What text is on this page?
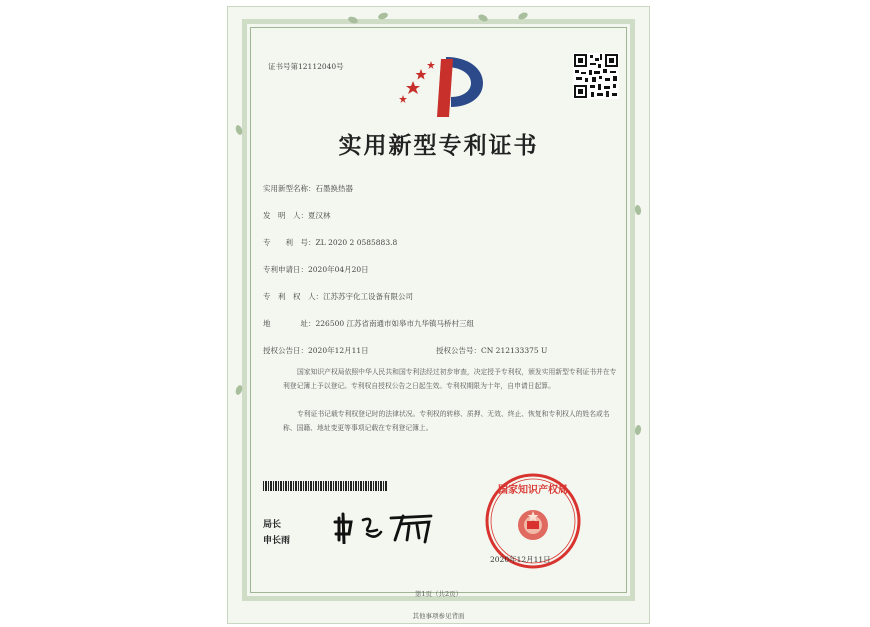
证书号第12112040号
实用新型专利证书
实用新型名称：石墨换热器
发　明　人：夏汉林
专　　利　号：ZL 2020 2 0585883.8
专利申请日：2020年04月20日
专　利　权　人：江苏苏宇化工设备有限公司
地　　　　址：226500 江苏省南通市如皋市九华镇马桥村三组
授权公告日：2020年12月11日	授权公告号：CN 212133375 U
国家知识产权局依照中华人民共和国专利法经过初步审查，决定授予专利权，颁发实用新型专利证书并在专利登记簿上予以登记。专利权自授权公告之日起生效。专利权期限为十年，自申请日起算。
专利证书记载专利权登记时的法律状况。专利权的转移、质押、无效、终止、恢复和专利权人的姓名或名称、国籍、地址变更等事项记载在专利登记簿上。
局长
申长雨
国家知识产权局
2020年12月11日
第1页（共2页）
其他事项参见背面
